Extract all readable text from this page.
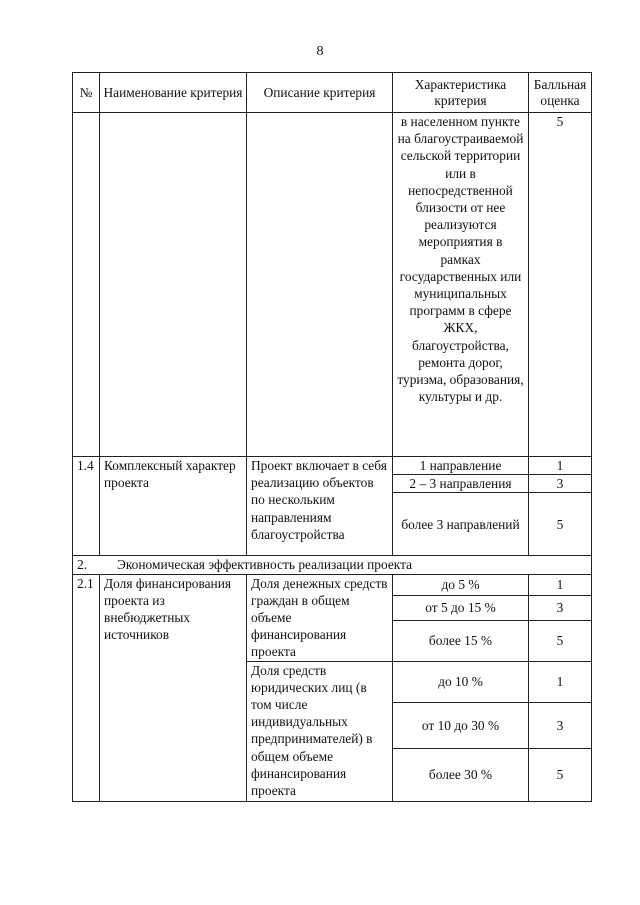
8
№	Наименование критерия	Описание критерия	Характеристика критерия	Балльная оценка
			в населенном пункте на благоустраиваемой сельской территории или в непосредственной близости от нее реализуются мероприятия в рамках государственных или муниципальных программ в сфере ЖКХ, благоустройства, ремонта дорог, туризма, образования, культуры и др.	5
1.4	Комплексный характер проекта	Проект включает в себя реализацию объектов по нескольким направлениям благоустройства	1 направление	1
			2 – 3 направления	3
			более 3 направлений	5
2. Экономическая эффективность реализации проекта				
2.1	Доля финансирования проекта из внебюджетных источников	Доля денежных средств граждан в общем объеме финансирования проекта	до 5 %	1
			от 5 до 15 %	3
			более 15 %	5
		Доля средств юридических лиц (в том числе индивидуальных предпринимателей) в общем объеме финансирования проекта	до 10 %	1
			от 10 до 30 %	3
			более 30 %	5
